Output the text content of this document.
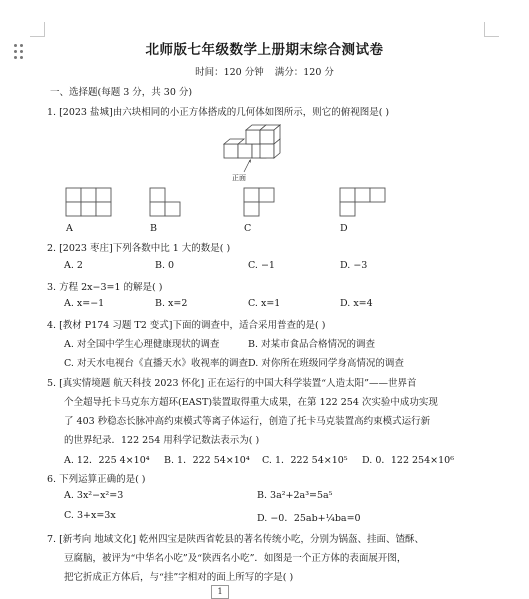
北师版七年级数学上册期末综合测试卷
时间：120 分钟 满分：120 分
一、选择题(每题 3 分，共 30 分)
1. [2023 盐城]由六块相同的小正方体搭成的几何体如图所示，则它的俯视图是( )
正面
A	B	C	D
2. [2023 枣庄]下列各数中比 1 大的数是( )
A. 2	B. 0	C. −1	D. −3
3. 方程 2x−3=1 的解是( )
A. x=−1	B. x=2	C. x=1	D. x=4
4. [教材 P174 习题 T2 变式]下面的调查中，适合采用普查的是( )
A. 对全国中学生心理健康现状的调查	B. 对某市食品合格情况的调查
C. 对天水电视台《直播天水》收视率的调查 D. 对你所在班级同学身高情况的调查
5. [真实情境题 航天科技 2023 怀化] 正在运行的中国大科学装置“人造太阳”——世界首
个全超导托卡马克东方超环(EAST)装置取得重大成果，在第 122 254 次实验中成功实现
了 403 秒稳态长脉冲高约束模式等离子体运行，创造了托卡马克装置高约束模式运行新
的世界纪录．122 254 用科学记数法表示为( )
A. 12．225 4×10⁴ B. 1．222 54×10⁴ C. 1．222 54×10⁵ D. 0．122 254×10⁶
6. 下列运算正确的是( )
A. 3x²−x²=3	B. 3a²+2a³=5a⁵
C. 3+x=3x	D. −0．25ab+¼ba=0
7. [新考向 地域文化] 乾州四宝是陕西省乾县的著名传统小吃，分别为锅盔、挂面、馇酥、
豆腐脑，被评为“中华名小吃”及“陕西名小吃”．如图是一个正方体的表面展开图，
把它折成正方体后，与“挂”字相对的面上所写的字是( )
1
